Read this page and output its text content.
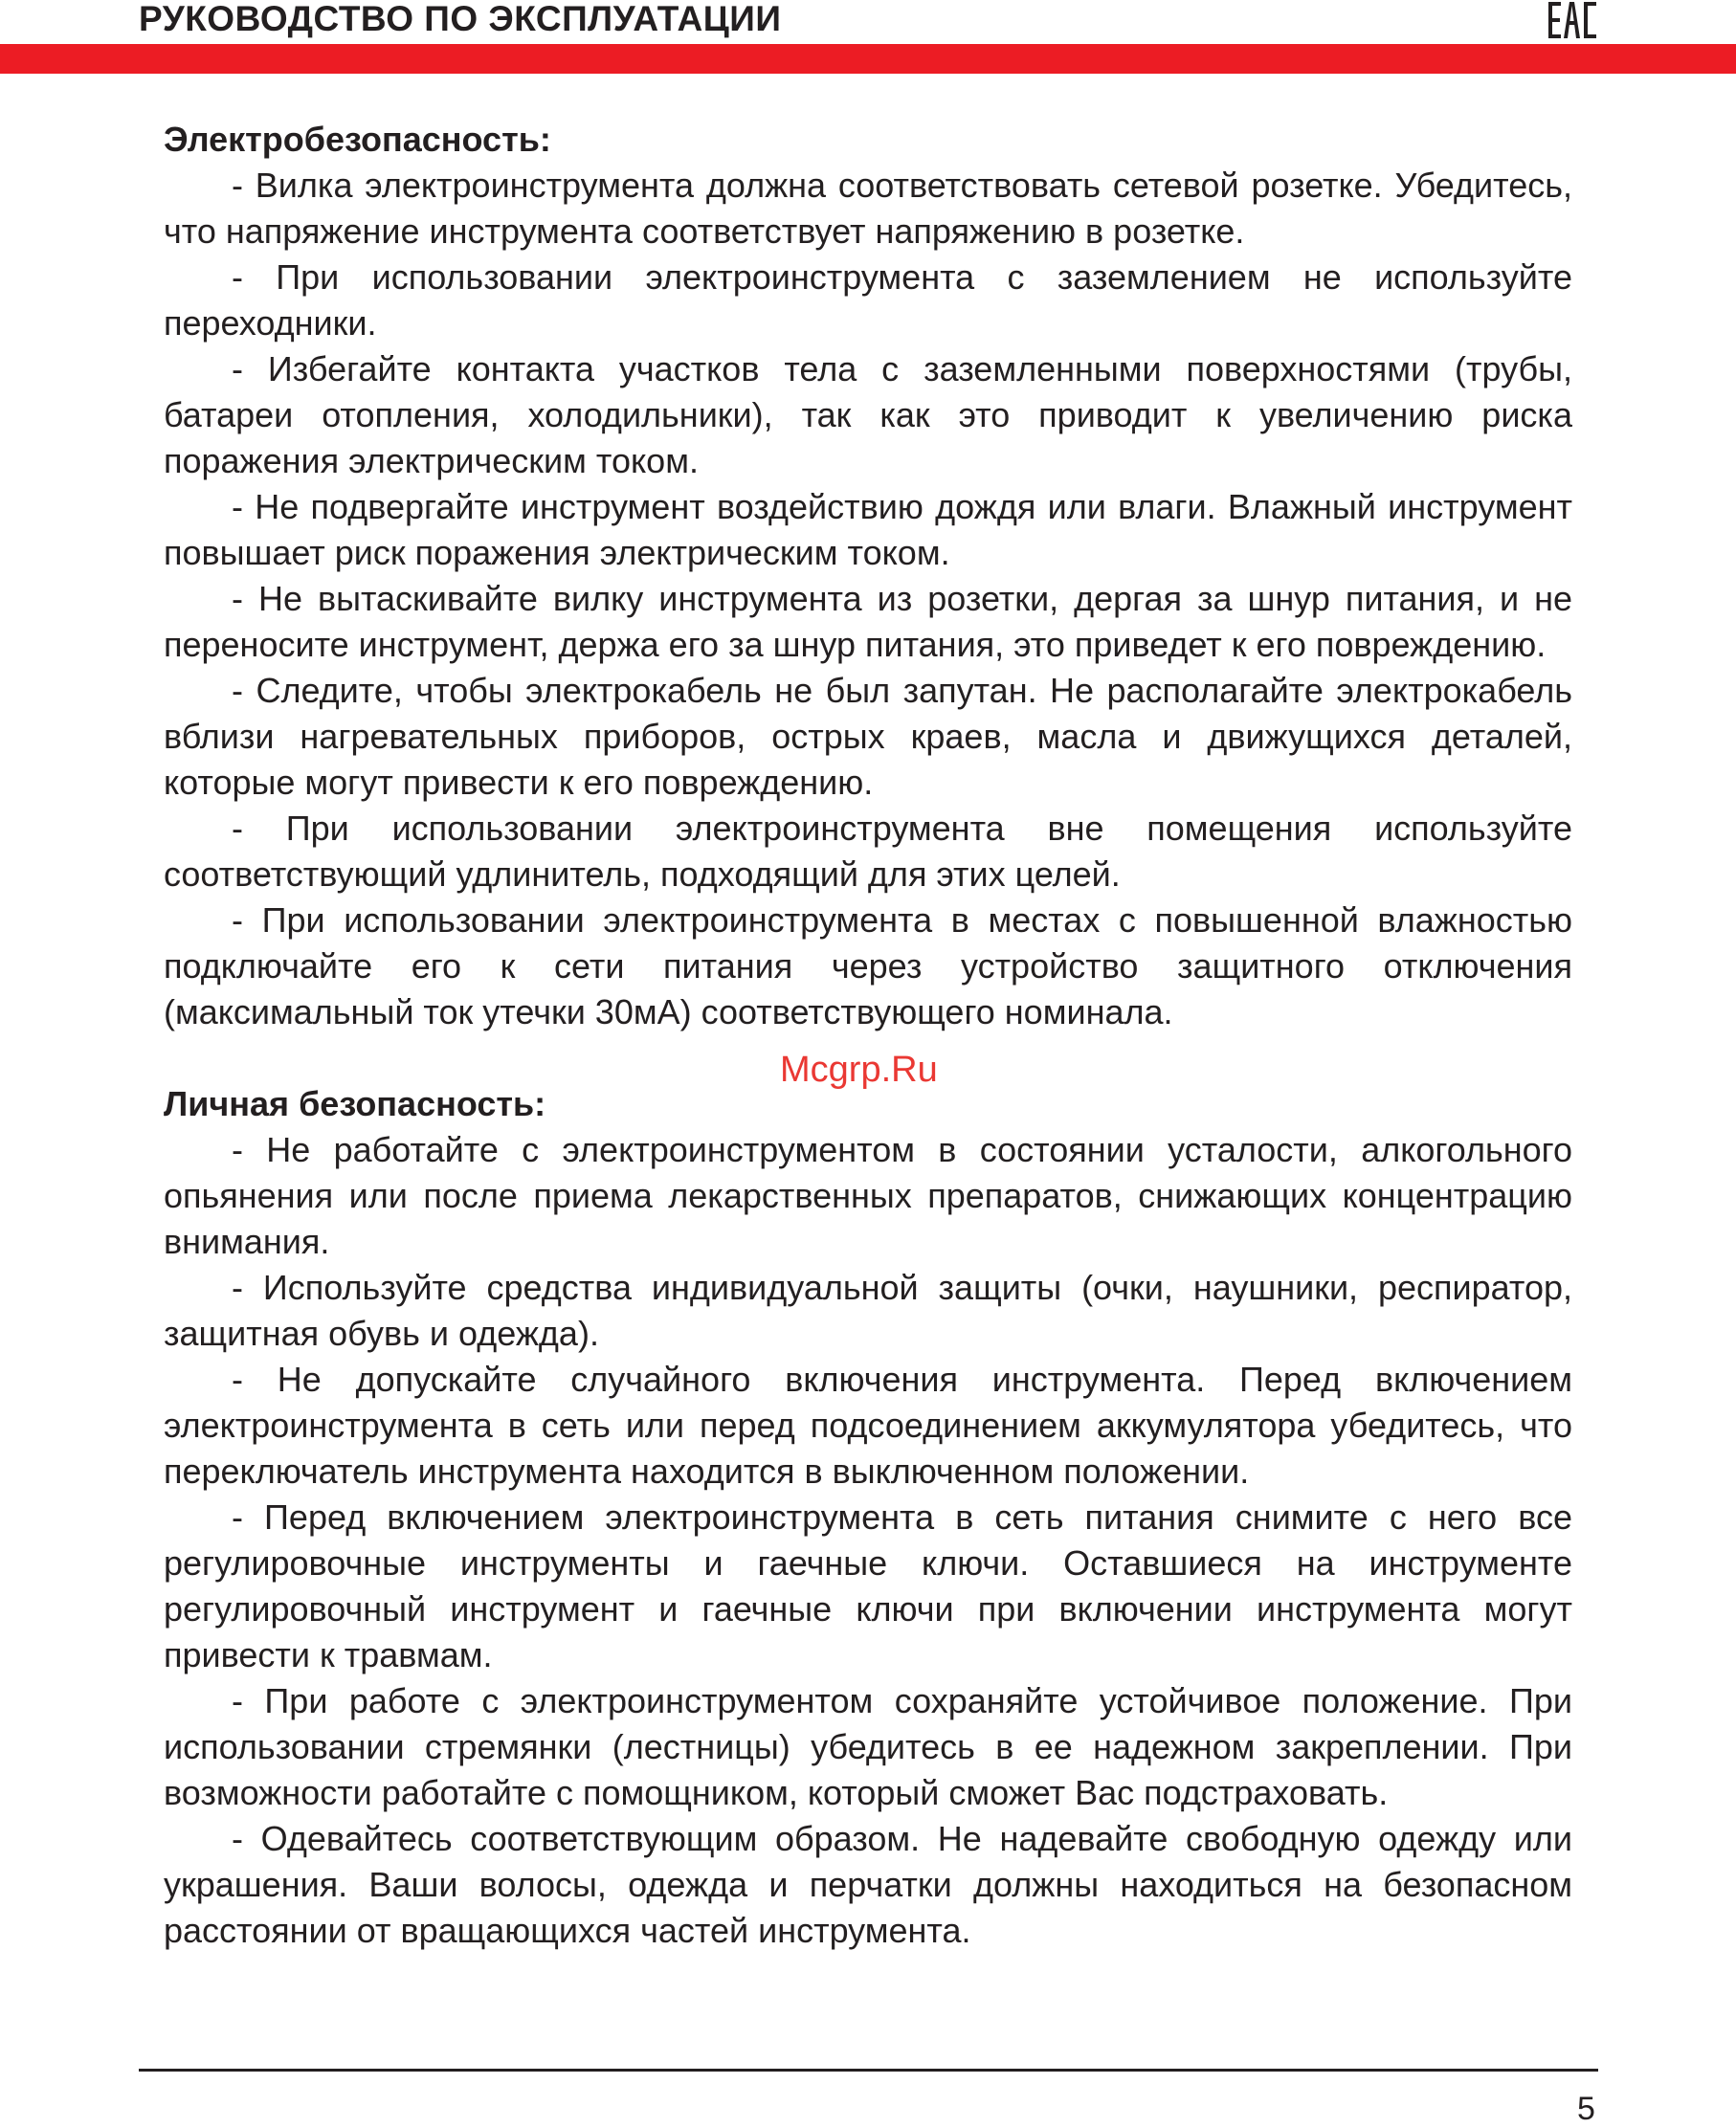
РУКОВОДСТВО ПО ЭКСПЛУАТАЦИИ

Электробезопасность:

- Вилка электроинструмента должна соответствовать сетевой розетке. Убедитесь, что напряжение инструмента соответствует напряжению в розетке.

- При использовании электроинструмента с заземлением не используйте переходники.

- Избегайте контакта участков тела с заземленными поверхностями (трубы, батареи отопления, холодильники), так как это приводит к увеличению риска поражения электрическим током.

- Не подвергайте инструмент воздействию дождя или влаги. Влажный инструмент повышает риск поражения электрическим током.

- Не вытаскивайте вилку инструмента из розетки, дергая за шнур питания, и не переносите инструмент, держа его за шнур питания, это приведет к его повреждению.

- Следите, чтобы электрокабель не был запутан. Не располагайте электрокабель вблизи нагревательных приборов, острых краев, масла и движущихся деталей, которые могут привести к его повреждению.

- При использовании электроинструмента вне помещения используйте соответствующий удлинитель, подходящий для этих целей.

- При использовании электроинструмента в местах с повышенной влажностью подключайте его к сети питания через устройство защитного отключения (максимальный ток утечки 30мА) соответствующего номинала.

Личная безопасность:

- Не работайте с электроинструментом в состоянии усталости, алкогольного опьянения или после приема лекарственных препаратов, снижающих концентрацию внимания.

- Используйте средства индивидуальной защиты (очки, наушники, респиратор, защитная обувь и одежда).

- Не допускайте случайного включения инструмента. Перед включением электроинструмента в сеть или перед подсоединением аккумулятора убедитесь, что переключатель инструмента находится в выключенном положении.

- Перед включением электроинструмента в сеть питания снимите с него все регулировочные инструменты и гаечные ключи. Оставшиеся на инструменте регулировочный инструмент и гаечные ключи при включении инструмента могут привести к травмам.

- При работе с электроинструментом сохраняйте устойчивое положение. При использовании стремянки (лестницы) убедитесь в ее надежном закреплении. При возможности работайте с помощником, который сможет Вас подстраховать.

- Одевайтесь соответствующим образом. Не надевайте свободную одежду или украшения. Ваши волосы, одежда и перчатки должны находиться на безопасном расстоянии от вращающихся частей инструмента.

Mcgrp.Ru
5
